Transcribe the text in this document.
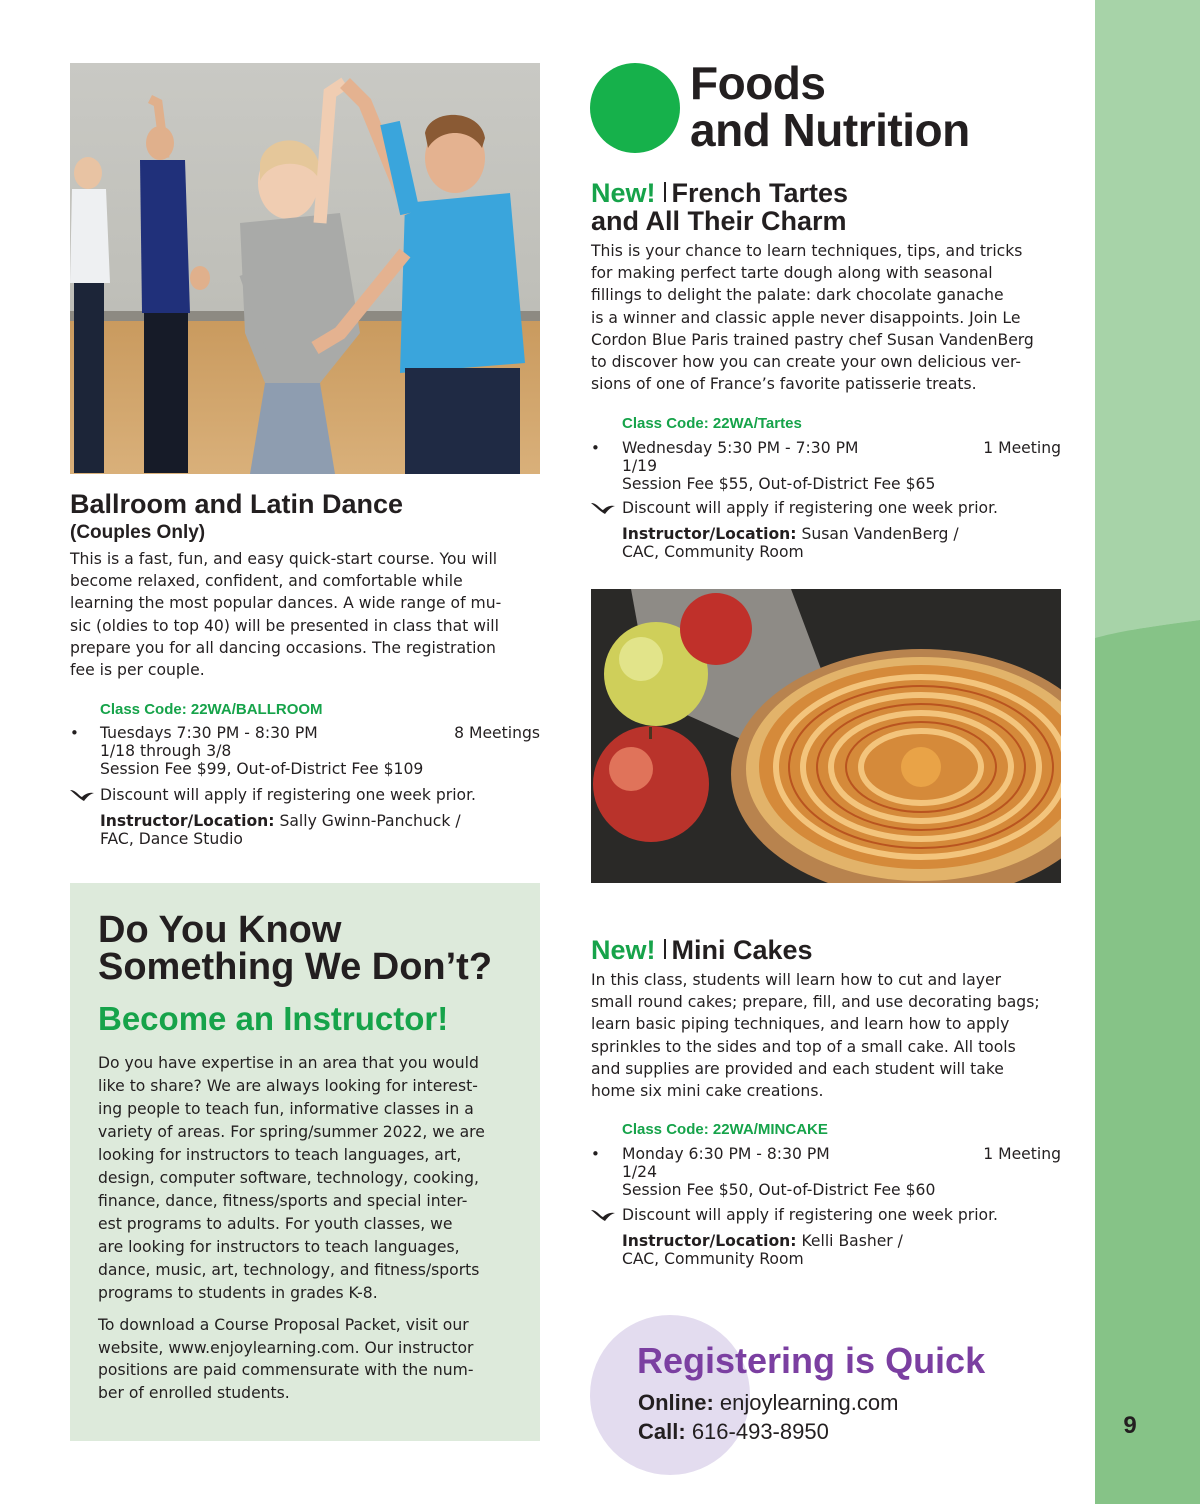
9
Foods
and Nutrition
Ballroom and Latin Dance
(Couples Only)
This is a fast, fun, and easy quick-start course. You will
become relaxed, confident, and comfortable while
learning the most popular dances. A wide range of mu-
sic (oldies to top 40) will be presented in class that will
prepare you for all dancing occasions. The registration
fee is per couple.
Class Code: 22WA/BALLROOM
• Tuesdays 7:30 PM - 8:30 PM	8 Meetings
1/18 through 3/8
Session Fee $99, Out-of-District Fee $109
Discount will apply if registering one week prior.
Instructor/Location: Sally Gwinn-Panchuck /
FAC, Dance Studio
New! French Tartes
and All Their Charm
This is your chance to learn techniques, tips, and tricks
for making perfect tarte dough along with seasonal
fillings to delight the palate: dark chocolate ganache
is a winner and classic apple never disappoints. Join Le
Cordon Blue Paris trained pastry chef Susan VandenBerg
to discover how you can create your own delicious ver-
sions of one of France’s favorite patisserie treats.
Class Code: 22WA/Tartes
• Wednesday 5:30 PM - 7:30 PM	1 Meeting
1/19
Session Fee $55, Out-of-District Fee $65
Discount will apply if registering one week prior.
Instructor/Location: Susan VandenBerg /
CAC, Community Room
New! Mini Cakes
In this class, students will learn how to cut and layer
small round cakes; prepare, fill, and use decorating bags;
learn basic piping techniques, and learn how to apply
sprinkles to the sides and top of a small cake. All tools
and supplies are provided and each student will take
home six mini cake creations.
Class Code: 22WA/MINCAKE
• Monday 6:30 PM - 8:30 PM	1 Meeting
1/24
Session Fee $50, Out-of-District Fee $60
Discount will apply if registering one week prior.
Instructor/Location: Kelli Basher /
CAC, Community Room
Do You Know
Something We Don’t?
Become an Instructor!
Do you have expertise in an area that you would
like to share? We are always looking for interest-
ing people to teach fun, informative classes in a
variety of areas. For spring/summer 2022, we are
looking for instructors to teach languages, art,
design, computer software, technology, cooking,
finance, dance, fitness/sports and special inter-
est programs to adults. For youth classes, we
are looking for instructors to teach languages,
dance, music, art, technology, and fitness/sports
programs to students in grades K-8.
To download a Course Proposal Packet, visit our
website, www.enjoylearning.com. Our instructor
positions are paid commensurate with the num-
ber of enrolled students.
Registering is Quick
Online: enjoylearning.com
Call: 616-493-8950
